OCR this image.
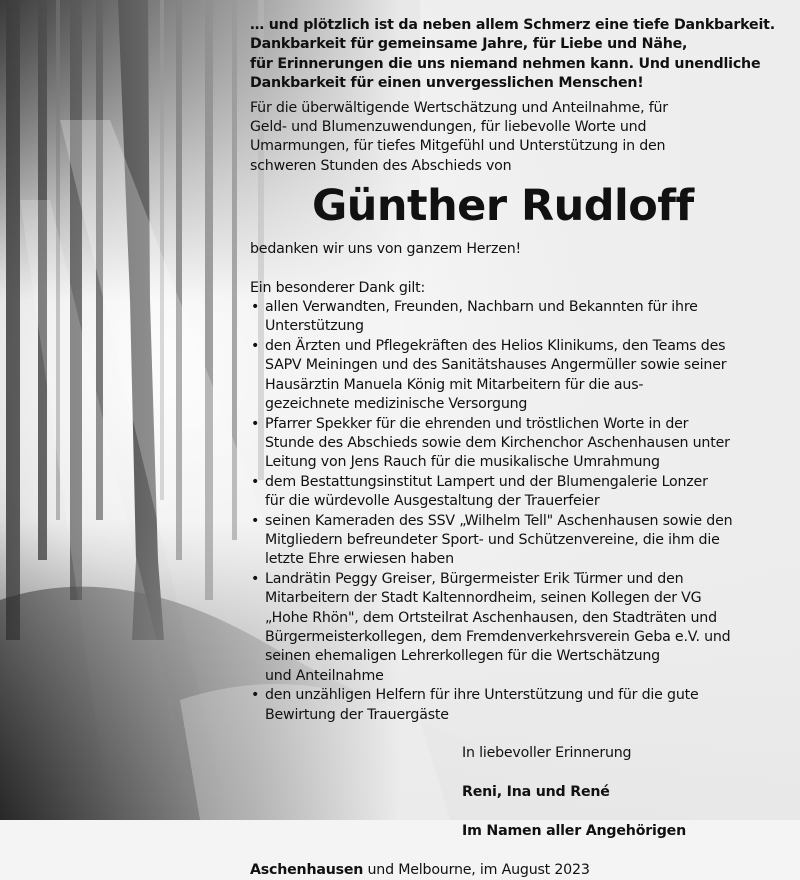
… und plötzlich ist da neben allem Schmerz eine tiefe Dankbarkeit.
Dankbarkeit für gemeinsame Jahre, für Liebe und Nähe,
für Erinnerungen die uns niemand nehmen kann. Und unendliche
Dankbarkeit für einen unvergesslichen Menschen!

Für die überwältigende Wertschätzung und Anteilnahme, für
Geld- und Blumenzuwendungen, für liebevolle Worte und
Umarmungen, für tiefes Mitgefühl und Unterstützung in den
schweren Stunden des Abschieds von

Günther Rudloff

bedanken wir uns von ganzem Herzen!

Ein besonderer Dank gilt:

• allen Verwandten, Freunden, Nachbarn und Bekannten für ihre
Unterstützung
• den Ärzten und Pflegekräften des Helios Klinikums, den Teams des
SAPV Meiningen und des Sanitätshauses Angermüller sowie seiner
Hausärztin Manuela König mit Mitarbeitern für die aus-
gezeichnete medizinische Versorgung
• Pfarrer Spekker für die ehrenden und tröstlichen Worte in der
Stunde des Abschieds sowie dem Kirchenchor Aschenhausen unter
Leitung von Jens Rauch für die musikalische Umrahmung
• dem Bestattungsinstitut Lampert und der Blumengalerie Lonzer
für die würdevolle Ausgestaltung der Trauerfeier
• seinen Kameraden des SSV „Wilhelm Tell" Aschenhausen sowie den
Mitgliedern befreundeter Sport- und Schützenvereine, die ihm die
letzte Ehre erwiesen haben
• Landrätin Peggy Greiser, Bürgermeister Erik Türmer und den
Mitarbeitern der Stadt Kaltennordheim, seinen Kollegen der VG
„Hohe Rhön", dem Ortsteilrat Aschenhausen, den Stadträten und
Bürgermeisterkollegen, dem Fremdenverkehrsverein Geba e.V. und
seinen ehemaligen Lehrerkollegen für die Wertschätzung
und Anteilnahme
• den unzähligen Helfern für ihre Unterstützung und für die gute
Bewirtung der Trauergäste

In liebevoller Erinnerung

Reni, Ina und René

Im Namen aller Angehörigen

Aschenhausen und Melbourne, im August 2023
